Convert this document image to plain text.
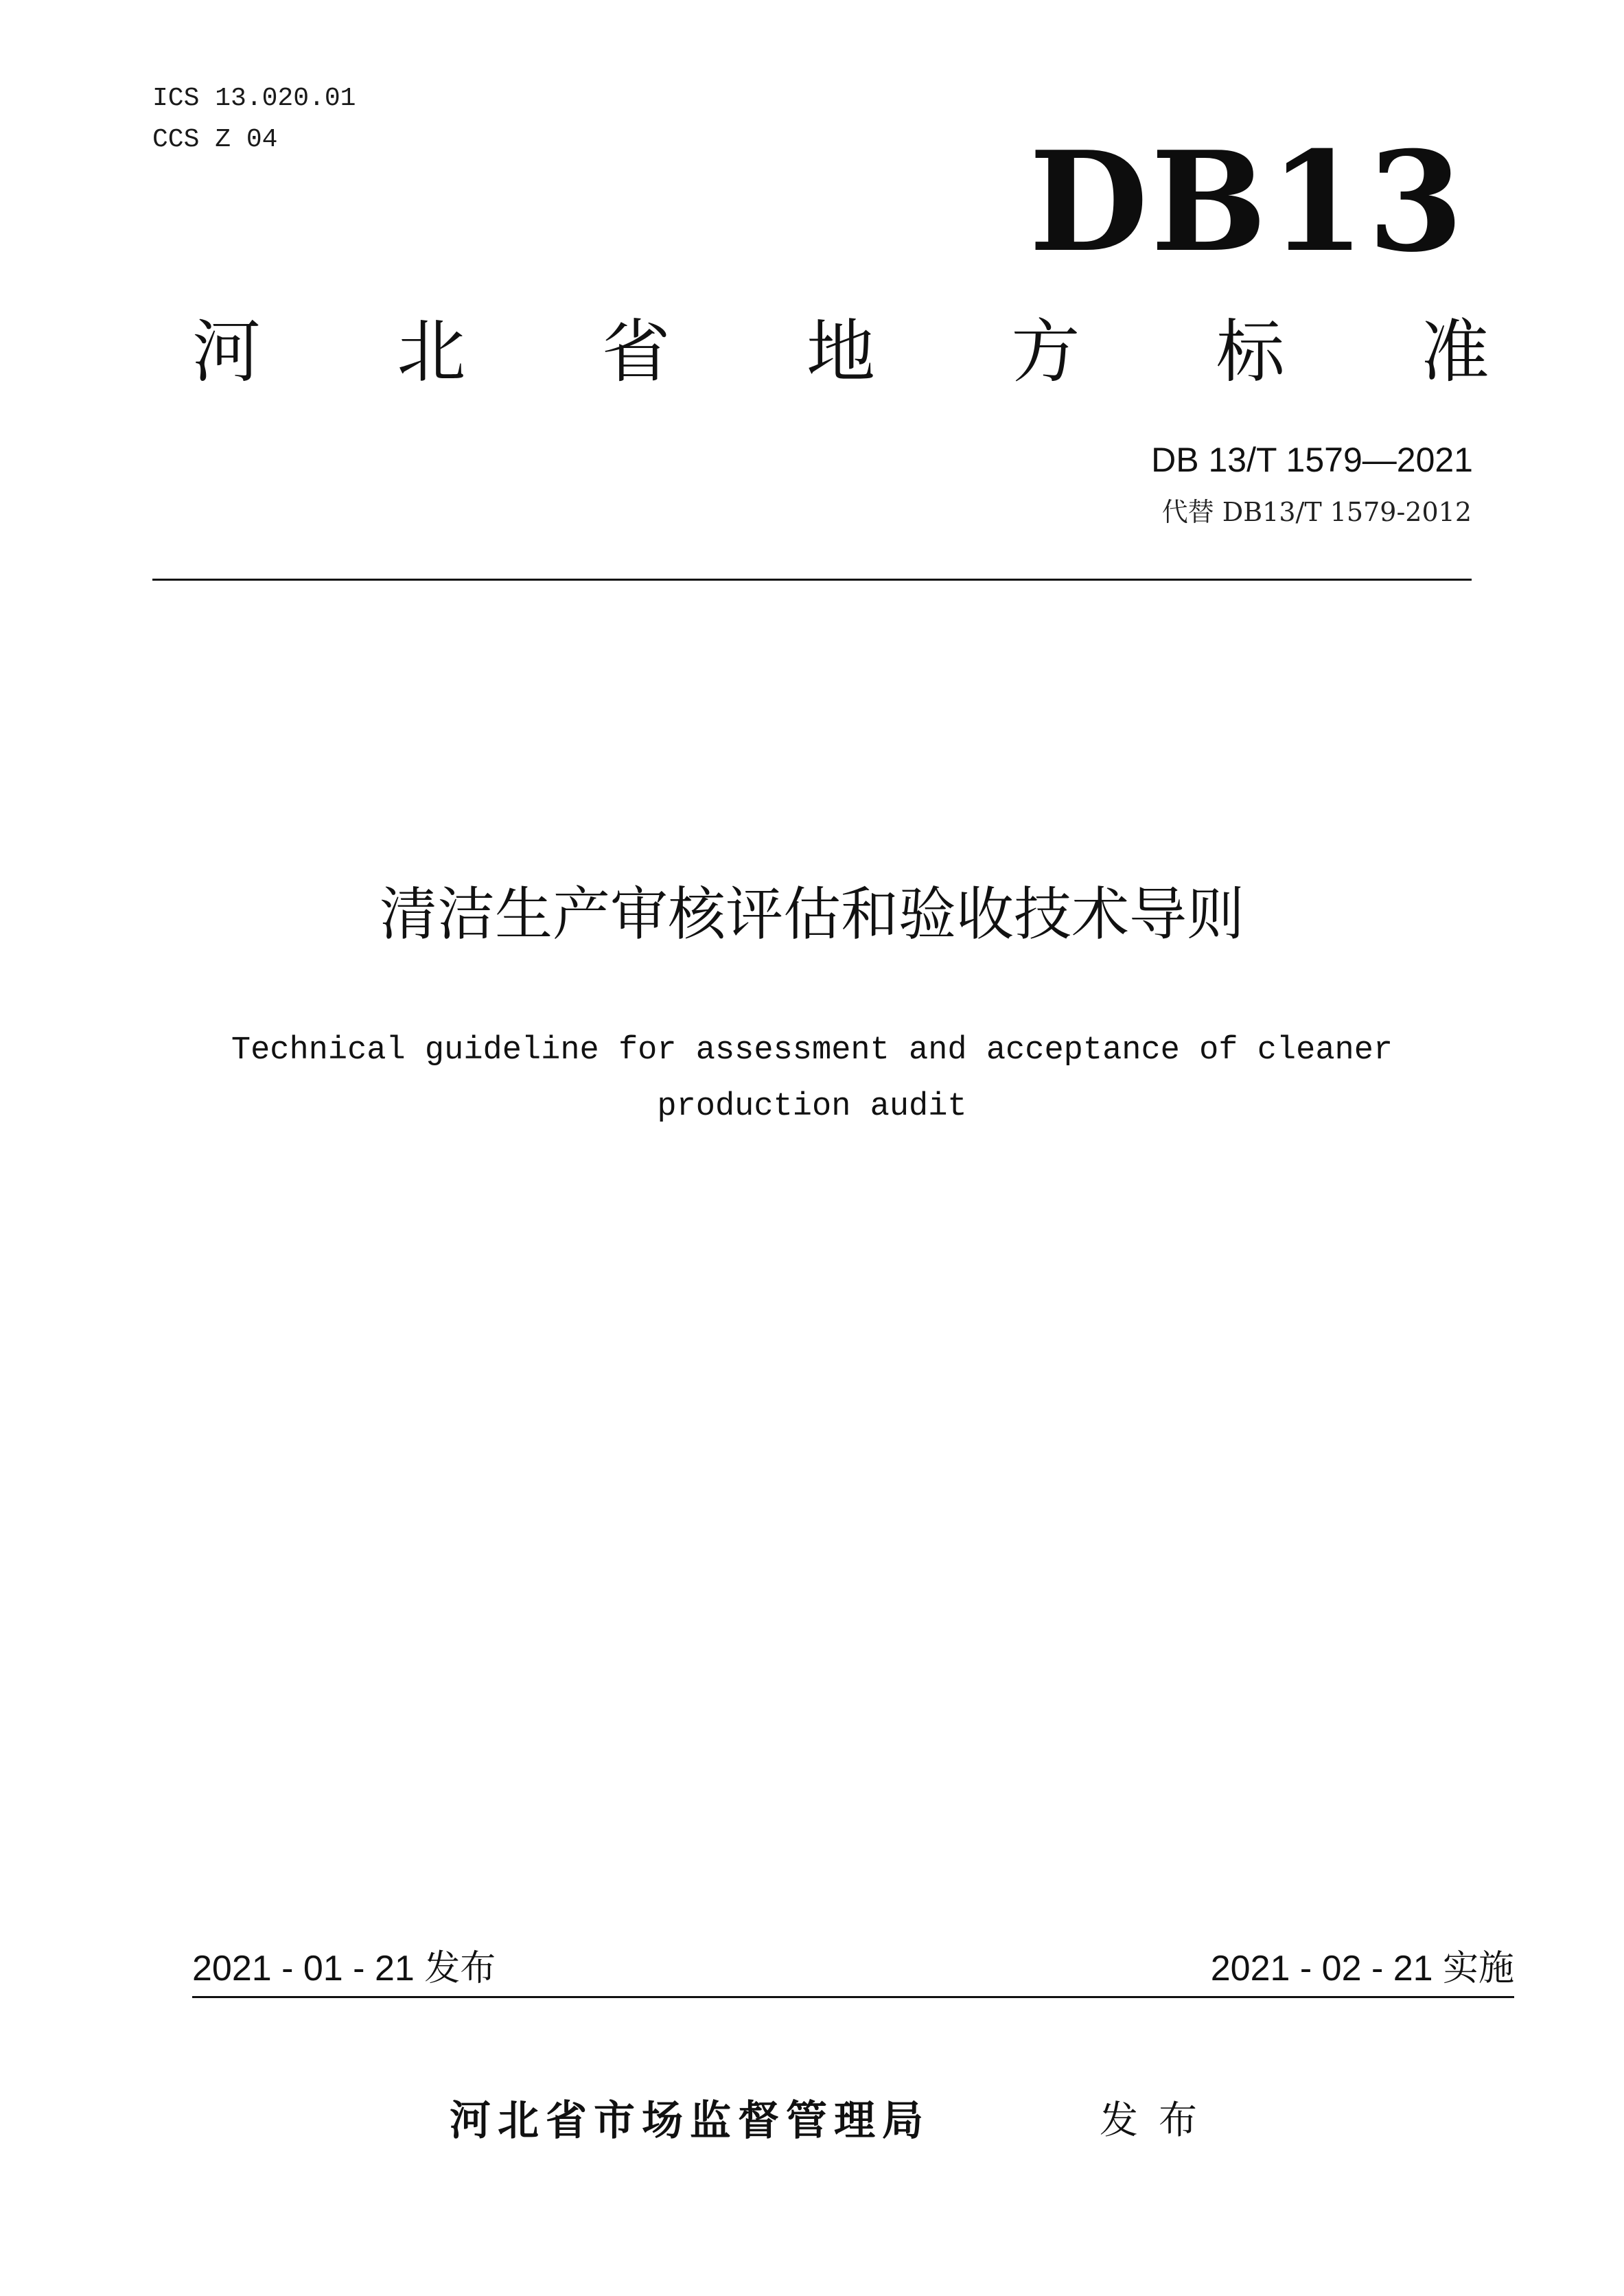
ICS 13.020.01
CCS Z 04	DB13
河 北 省 地 方 标 准
DB 13/T 1579—2021
代替 DB13/T 1579-2012
清洁生产审核评估和验收技术导则
Technical guideline for assessment and acceptance of cleaner production audit
2021 - 01 - 21 发布	2021 - 02 - 21 实施
河北省市场监督管理局	发布
